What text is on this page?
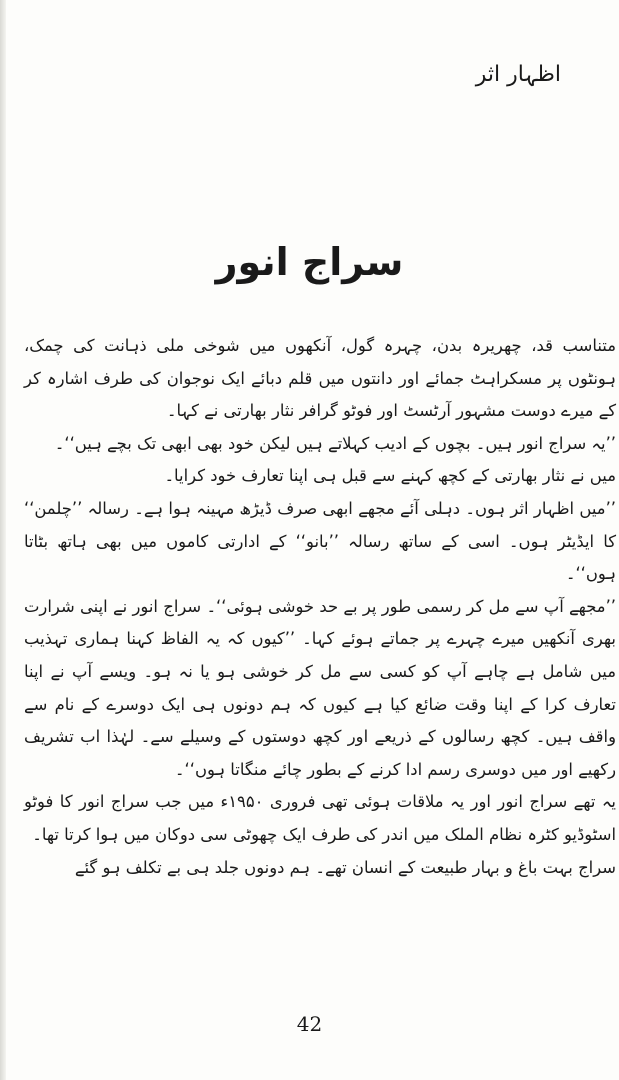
اظہار اثر
سراج انور

متناسب قد، چھریرہ بدن، چہرہ گول، آنکھوں میں شوخی ملی ذہانت کی چمک، ہونٹوں پر مسکراہٹ جمائے اور دانتوں میں قلم دبائے ایک نوجوان کی طرف اشارہ کر کے میرے دوست مشہور آرٹسٹ اور فوٹو گرافر نثار بھارتی نے کہا۔

’’یہ سراج انور ہیں۔ بچوں کے ادیب کہلاتے ہیں لیکن خود بھی ابھی تک بچے ہیں‘‘۔

میں نے نثار بھارتی کے کچھ کہنے سے قبل ہی اپنا تعارف خود کرایا۔

’’میں اظہار اثر ہوں۔ دہلی آئے مجھے ابھی صرف ڈیڑھ مہینہ ہوا ہے۔ رسالہ ’’چلمن‘‘ کا ایڈیٹر ہوں۔ اسی کے ساتھ رسالہ ’’بانو‘‘ کے ادارتی کاموں میں بھی ہاتھ بٹاتا ہوں‘‘۔

’’مجھے آپ سے مل کر رسمی طور پر بے حد خوشی ہوئی‘‘۔ سراج انور نے اپنی شرارت بھری آنکھیں میرے چہرے پر جماتے ہوئے کہا۔ ’’کیوں کہ یہ الفاظ کہنا ہماری تہذیب میں شامل ہے چاہے آپ کو کسی سے مل کر خوشی ہو یا نہ ہو۔ ویسے آپ نے اپنا تعارف کرا کے اپنا وقت ضائع کیا ہے کیوں کہ ہم دونوں ہی ایک دوسرے کے نام سے واقف ہیں۔ کچھ رسالوں کے ذریعے اور کچھ دوستوں کے وسیلے سے۔ لہٰذا اب تشریف رکھیے اور میں دوسری رسم ادا کرنے کے بطور چائے منگاتا ہوں‘‘۔

یہ تھے سراج انور اور یہ ملاقات ہوئی تھی فروری ۱۹۵۰ء میں جب سراج انور کا فوٹو اسٹوڈیو کٹرہ نظام الملک میں اندر کی طرف ایک چھوٹی سی دوکان میں ہوا کرتا تھا۔

سراج بہت باغ و بہار طبیعت کے انسان تھے۔ ہم دونوں جلد ہی بے تکلف ہو گئے

42
